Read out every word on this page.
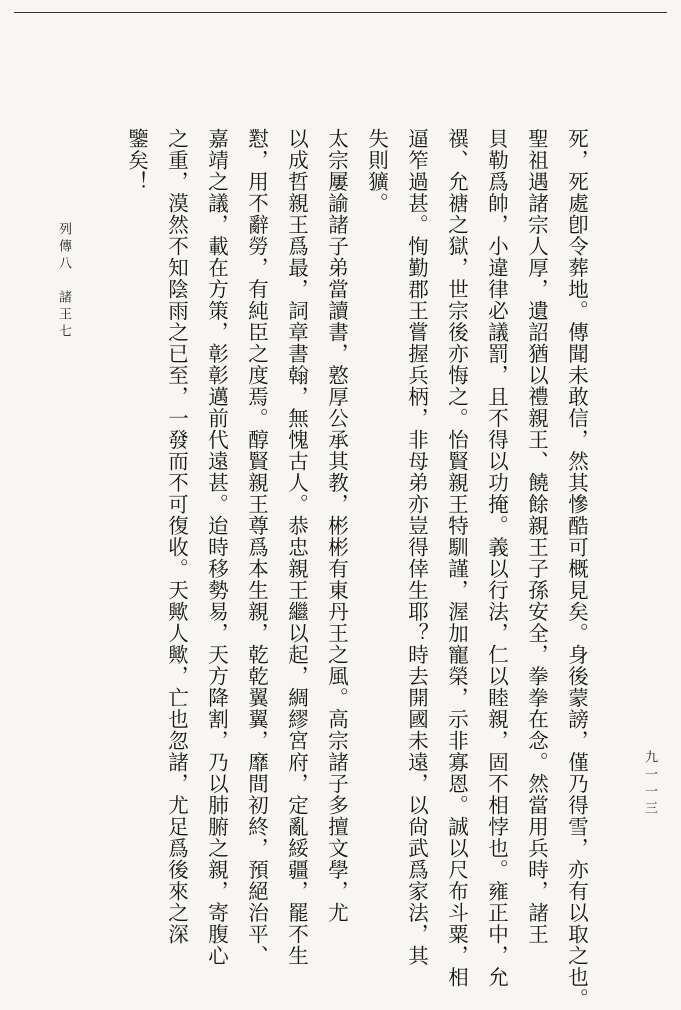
死，死處卽令葬地。傳聞未敢信，然其慘酷可概見矣。身後蒙謗，僅乃得雪，亦有以取之也。
聖祖遇諸宗人厚，遺詔猶以禮親王、饒餘親王子孫安全，拳拳在念。然當用兵時，諸王
貝勒爲帥，小違律必議罰，且不得以功掩。義以行法，仁以睦親，固不相悖也。雍正中，允
禩、允禟之獄，世宗後亦悔之。怡賢親王特馴謹，渥加寵榮，示非寡恩。誠以尺布斗粟，相
逼笮過甚。恂勤郡王嘗握兵柄，非母弟亦豈得倖生耶？時去開國未遠，以尙武爲家法，其
失則獷。
太宗屢諭諸子弟當讀書，憝厚公承其教，彬彬有東丹王之風。高宗諸子多擅文學，尤
以成哲親王爲最，詞章書翰，無愧古人。恭忠親王繼以起，綢繆宮府，定亂綏疆，罷不生
懟，用不辭勞，有純臣之度焉。醇賢親王尊爲本生親，乾乾翼翼，靡間初終，預絕治平、
嘉靖之議，載在方策，彰彰邁前代遠甚。迨時移勢易，天方降割，乃以肺腑之親，寄腹心
之重，漠然不知陰雨之已至，一發而不可復收。天歟人歟，亡也忽諸，尤足爲後來之深
鑒矣！
列傳八　諸王七
九一一三
